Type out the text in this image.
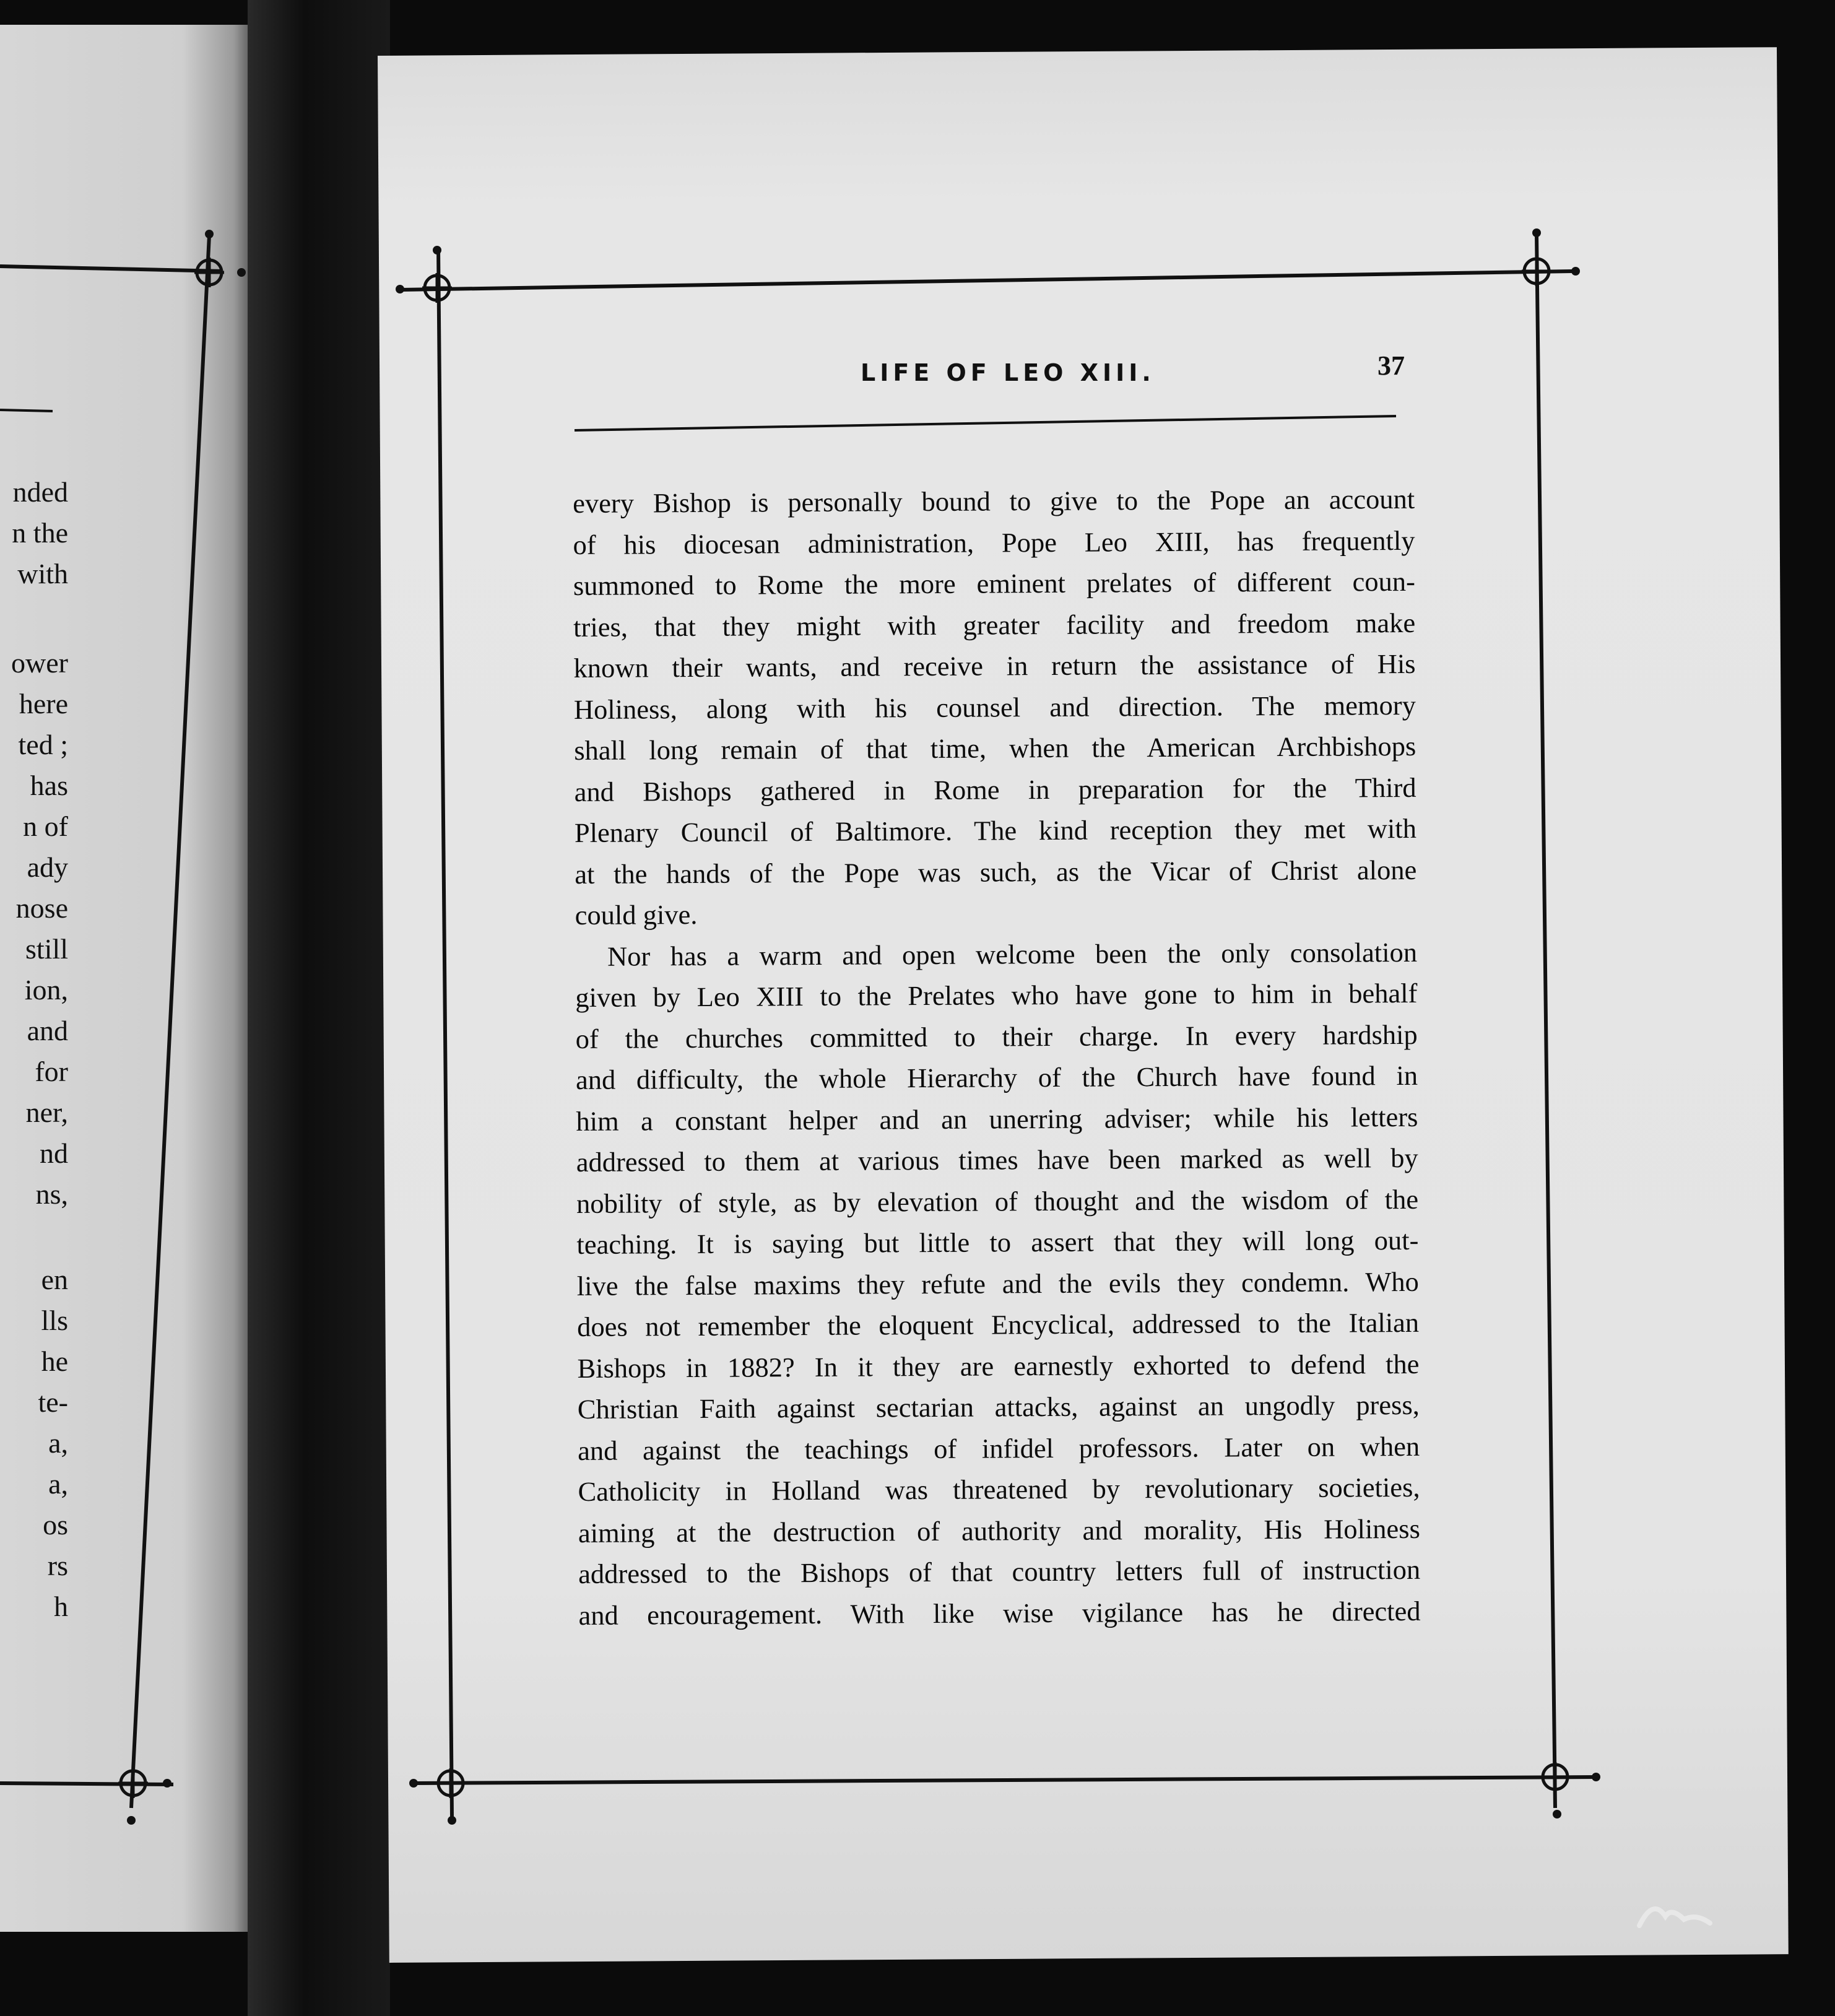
nded
n the
with
ower
here
ted ;
has
n of
ady
nose
still
ion,
and
for
ner,
nd
ns,
en
lls
he
te-
a,
a,
os
rs
h
LIFE OF LEO XIII.	37
every Bishop is personally bound to give to the Pope an account
of his diocesan administration, Pope Leo XIII, has frequently
summoned to Rome the more eminent prelates of different coun-
tries, that they might with greater facility and freedom make
known their wants, and receive in return the assistance of His
Holiness, along with his counsel and direction. The memory
shall long remain of that time, when the American Archbishops
and Bishops gathered in Rome in preparation for the Third
Plenary Council of Baltimore. The kind reception they met with
at the hands of the Pope was such, as the Vicar of Christ alone
could give.
Nor has a warm and open welcome been the only consolation
given by Leo XIII to the Prelates who have gone to him in behalf
of the churches committed to their charge. In every hardship
and difficulty, the whole Hierarchy of the Church have found in
him a constant helper and an unerring adviser; while his letters
addressed to them at various times have been marked as well by
nobility of style, as by elevation of thought and the wisdom of the
teaching. It is saying but little to assert that they will long out-
live the false maxims they refute and the evils they condemn. Who
does not remember the eloquent Encyclical, addressed to the Italian
Bishops in 1882? In it they are earnestly exhorted to defend the
Christian Faith against sectarian attacks, against an ungodly press,
and against the teachings of infidel professors. Later on when
Catholicity in Holland was threatened by revolutionary societies,
aiming at the destruction of authority and morality, His Holiness
addressed to the Bishops of that country letters full of instruction
and encouragement. With like wise vigilance has he directed
